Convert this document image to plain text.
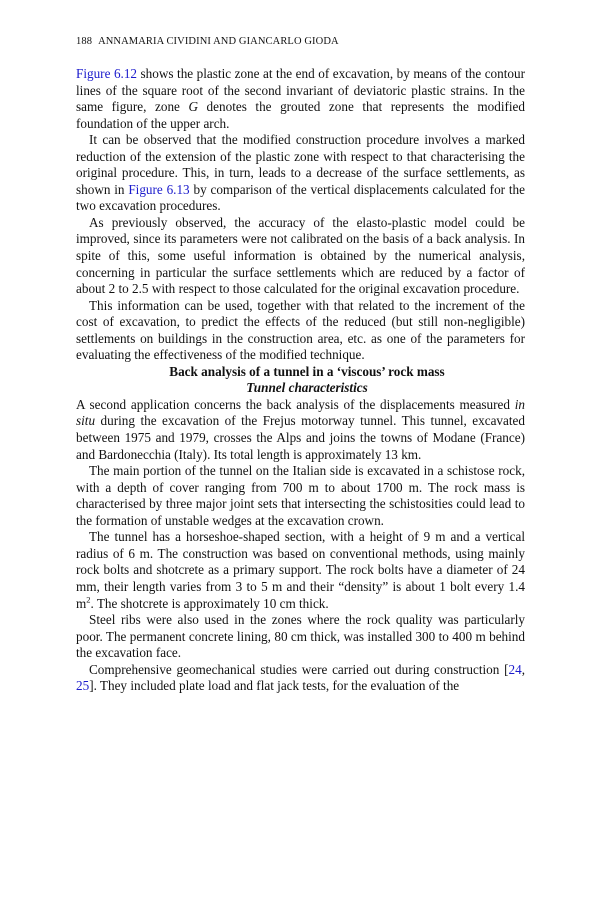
188 ANNAMARIA CIVIDINI AND GIANCARLO GIODA

Figure 6.12 shows the plastic zone at the end of excavation, by means of the contour lines of the square root of the second invariant of deviatoric plastic strains. In the same figure, zone G denotes the grouted zone that represents the modified foundation of the upper arch.

It can be observed that the modified construction procedure involves a marked reduction of the extension of the plastic zone with respect to that characterising the original procedure. This, in turn, leads to a decrease of the surface settlements, as shown in Figure 6.13 by comparison of the vertical displacements calculated for the two excavation procedures.

As previously observed, the accuracy of the elasto-plastic model could be improved, since its parameters were not calibrated on the basis of a back analysis. In spite of this, some useful information is obtained by the numerical analysis, concerning in particular the surface settlements which are reduced by a factor of about 2 to 2.5 with respect to those calculated for the original excavation procedure.

This information can be used, together with that related to the increment of the cost of excavation, to predict the effects of the reduced (but still non-negligible) settlements on buildings in the construction area, etc. as one of the parameters for evaluating the effectiveness of the modified technique.

Back analysis of a tunnel in a ‘viscous’ rock mass

Tunnel characteristics

A second application concerns the back analysis of the displacements measured in situ during the excavation of the Frejus motorway tunnel. This tunnel, excavated between 1975 and 1979, crosses the Alps and joins the towns of Modane (France) and Bardonecchia (Italy). Its total length is approximately 13 km.

The main portion of the tunnel on the Italian side is excavated in a schistose rock, with a depth of cover ranging from 700 m to about 1700 m. The rock mass is characterised by three major joint sets that intersecting the schistosities could lead to the formation of unstable wedges at the excavation crown.

The tunnel has a horseshoe-shaped section, with a height of 9 m and a vertical radius of 6 m. The construction was based on conventional methods, using mainly rock bolts and shotcrete as a primary support. The rock bolts have a diameter of 24 mm, their length varies from 3 to 5 m and their “density” is about 1 bolt every 1.4 $m^2$. The shotcrete is approximately 10 cm thick.

Steel ribs were also used in the zones where the rock quality was particularly poor. The permanent concrete lining, 80 cm thick, was installed 300 to 400 m behind the excavation face.

Comprehensive geomechanical studies were carried out during construction [24, 25]. They included plate load and flat jack tests, for the evaluation of the
